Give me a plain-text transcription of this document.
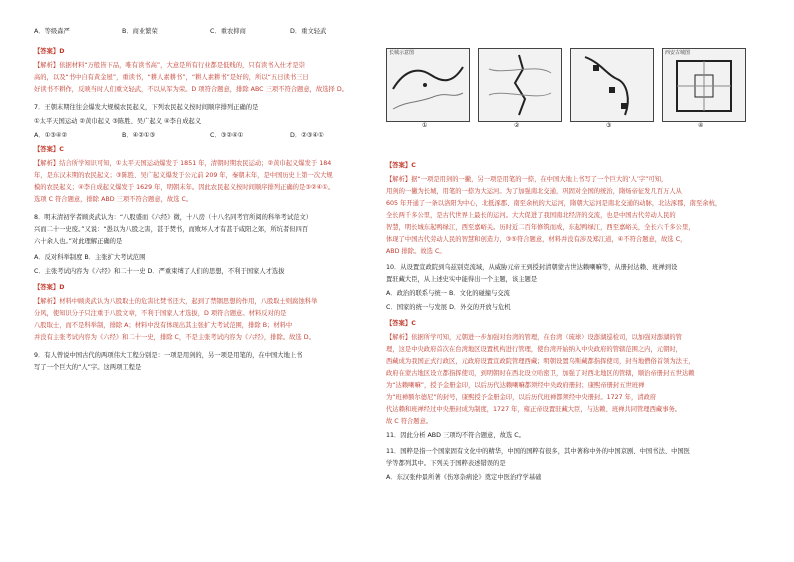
A．等级森严	B．商业繁荣	C．重农抑商	D．重文轻武
【答案】D
【解析】依据材料“万般皆下品，唯有读书高”，大意是所有行业都是低贱的，只有读书入仕才是崇
高的，以及“书中自有黄金屋”，重读书，“耕人素耕书”，“耕人素耕书”是好的，所以“五日读书三日
好读书不耕作，反映当时人们重文轻武，不以从军为荣。D 项符合题意，排除 ABC 三项不符合题意，故选择 D。
7．王朝末期往往会爆发大规模农民起义，下列农民起义按时间顺序排列正确的是
①太平天国运动 ②黄巾起义 ③陈胜、吴广起义 ④李自成起义
A．①③④②	B．④②①③	C．③②④①	D．②③④①
【答案】C
【解析】结合所学知识可知，①太平天国运动爆发于 1851 年，清朝时期农民运动；②黄巾起义爆发于 184
年，是东汉末期的农民起义；③陈胜、吴广起义爆发于公元前 209 年，秦朝末年，是中国历史上第一次大规
模的农民起义；④李自成起义爆发于 1629 年，明朝末年。因此农民起义按时间顺序排列正确的是③②④①。
选项 C 符合题意，排除 ABD 三项不符合题意，故选 C。
8．明末清初学者顾炎武认为：“八股盛而《六经》微，十八房（十八名同考官所阅的科举考试范文）
兴而二十一史废。”又说：“愚以为八股之害，甚于焚书，而败坏人才有甚于咸阳之郊，所坑者但四百
六十余人也。”对此理解正确的是
A．反对科举制度 B．主张扩大考试范围
C．主张考试内容为《六经》和二十一史 D．严重束缚了人们的思想，不利于国家人才选拔
【答案】D
【解析】材料中顾炎武认为八股取士的危害比焚书还大，起到了禁锢思想的作用，八股取士则腐蚀科举
分风，使知识分子只注重于八股文章，不利于国家人才选拔，D 项符合题意。材料反对的是
八股取士，而不是科举制，排除 A；材料中没有体现出其主张扩大考试范围，排除 B；材料中
并没有主张考试内容为《六经》和二十一史，排除 C，不是主张考试内容为《六经》，排除。故选 D。
9．有人曾说中国古代的两项伟大工程分别是：一项是用剑的，另一项是用笔的，在中国大地上书
写了一个巨大的“人”字。这两项工程是
长城示意图	西安古城图
①	②	③	④
【答案】C
【解析】据“一项是用剑的一撇，另一项是用笔的一捺，在中国大地上书写了一个巨大的‘人’字”可知，
用剑的一撇为长城，用笔的一捺为大运河。为了加强南北交通，巩固对全国的统治，隋炀帝征发几百万人从
605 年开通了一条以洛阳为中心，北抵涿郡、南至余杭的大运河，隋朝大运河是南北交通的动脉，北达涿郡，南至余杭，
全长两千多公里，是古代世界上最长的运河。大大促进了我国南北经济的交流，也是中国古代劳动人民的
智慧，明长城东起鸭绿江，西至嘉峪关。历时近二百年修筑而成，东起鸭绿江，西至嘉峪关，全长六千多公里，
体现了中国古代劳动人民的智慧和创造力，③⑤符合题意，材料并没有涉及郑江道，④不符合题意，故选 C，
ABD 排除。故选 C。
10．从设置宣政院到乌兹别克流域，从威胁元帝王到授封清朝蒙古世达赖喇嘛等，从册封达赖、班禅到设
置驻藏大臣，从上述史实中能得出一个主题，该主题是
A．政治的联系与统一 B．文化的碰撞与交流
C．国家的统一与发展 D．外交的开放与危机
【答案】C
【解析】依据所学可知，元朝进一步加强对台湾的管理，在台湾（琉球）设澎湖巡检司，以加强对澎湖的管
理，这是中央政府首次在台湾地区设置机构进行管理，使台湾开始纳入中央政府的管辖范围之内，元朝时，
西藏成为我国正式行政区，元政府设置宣政院管理西藏；明朝设置乌斯藏都指挥使司，封当地僧俗首领为法王，
政府在蒙古地区设立都指挥使司，到明朝时在西北设立哈密卫，加强了对西北地区的管辖，顺治帝册封五世达赖
为“达赖喇嘛”，授予金册金印，以后历代达赖喇嘛都须经中央政府册封；康熙帝册封五世班禅
为“班禅额尔德尼”的封号，康熙授予金册金印，以后历代班禅都须经中央册封。1727 年，清政府
代达赖和班禅经过中央册封成为制度，1727 年，雍正帝设置驻藏大臣，与达赖、班禅共同管理西藏事务。
故 C 符合题意。
11．因此分析 ABD 三项均不符合题意，故选 C。
11．国粹是指一个国家固有文化中的精华，中国的国粹有很多，其中著称中外的中国京剧、中国书法、中国医
学等都列其中。下列关于国粹表述错误的是
A．东汉张仲景所著《伤寒杂病论》奠定中医治疗学基础
